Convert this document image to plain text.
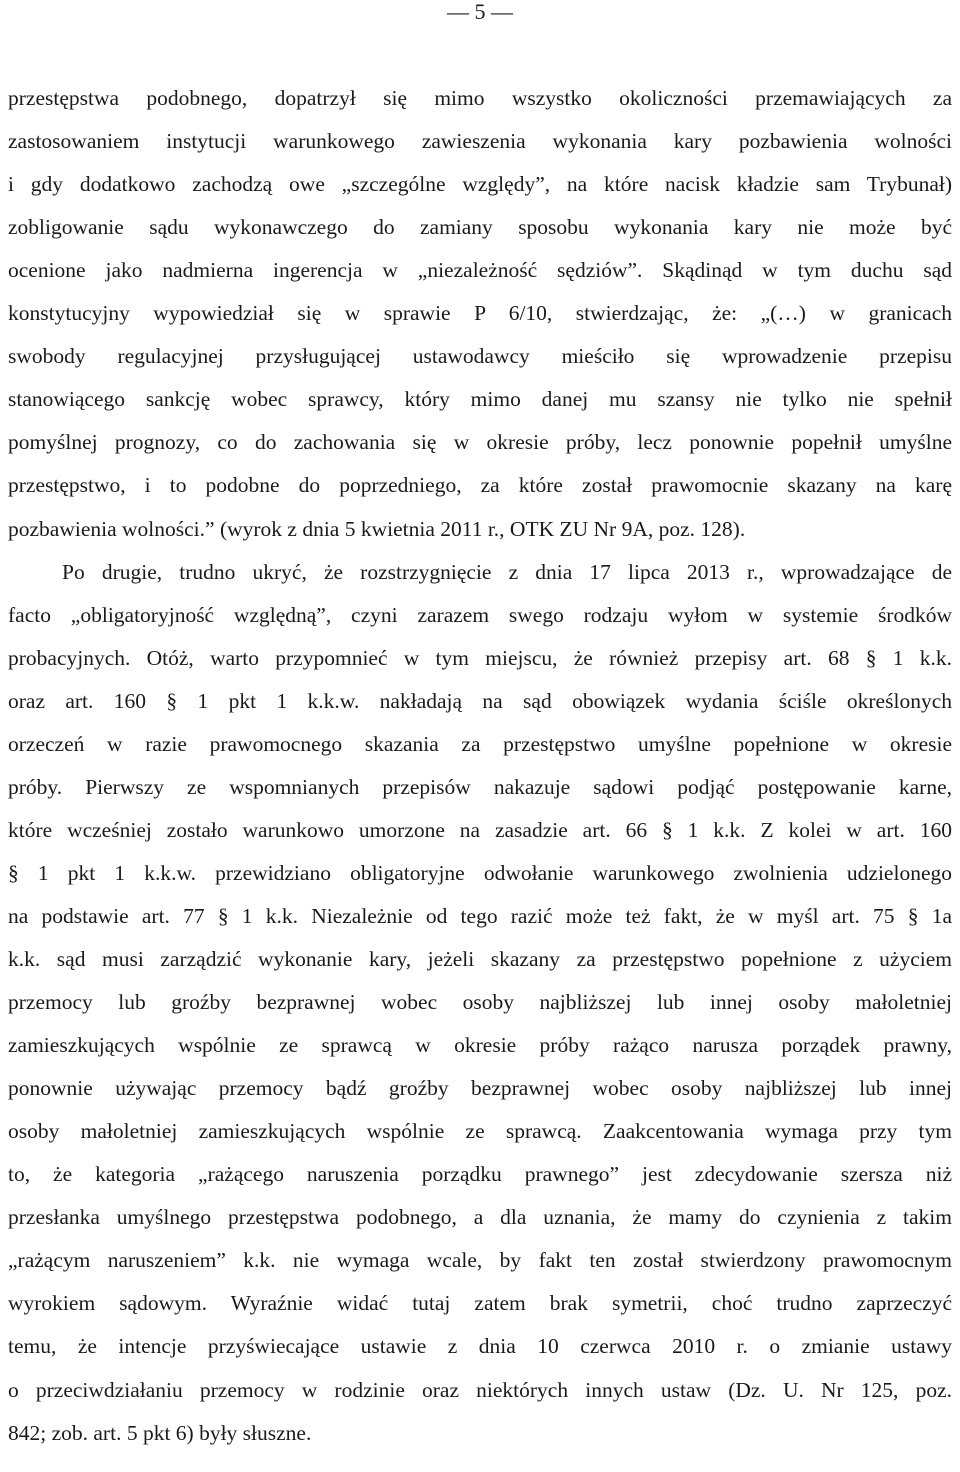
— 5 —
przestępstwa podobnego, dopatrzył się mimo wszystko okoliczności przemawiających za
zastosowaniem instytucji warunkowego zawieszenia wykonania kary pozbawienia wolności
i gdy dodatkowo zachodzą owe „szczególne względy”, na które nacisk kładzie sam Trybunał)
zobligowanie sądu wykonawczego do zamiany sposobu wykonania kary nie może być
ocenione jako nadmierna ingerencja w „niezależność sędziów”. Skądinąd w tym duchu sąd
konstytucyjny wypowiedział się w sprawie P 6/10, stwierdzając, że: „(…) w granicach
swobody regulacyjnej przysługującej ustawodawcy mieściło się wprowadzenie przepisu
stanowiącego sankcję wobec sprawcy, który mimo danej mu szansy nie tylko nie spełnił
pomyślnej prognozy, co do zachowania się w okresie próby, lecz ponownie popełnił umyślne
przestępstwo, i to podobne do poprzedniego, za które został prawomocnie skazany na karę
pozbawienia wolności.” (wyrok z dnia 5 kwietnia 2011 r., OTK ZU Nr 9A, poz. 128).
Po drugie, trudno ukryć, że rozstrzygnięcie z dnia 17 lipca 2013 r., wprowadzające de
facto „obligatoryjność względną”, czyni zarazem swego rodzaju wyłom w systemie środków
probacyjnych. Otóż, warto przypomnieć w tym miejscu, że również przepisy art. 68 § 1 k.k.
oraz art. 160 § 1 pkt 1 k.k.w. nakładają na sąd obowiązek wydania ściśle określonych
orzeczeń w razie prawomocnego skazania za przestępstwo umyślne popełnione w okresie
próby. Pierwszy ze wspomnianych przepisów nakazuje sądowi podjąć postępowanie karne,
które wcześniej zostało warunkowo umorzone na zasadzie art. 66 § 1 k.k. Z kolei w art. 160
§ 1 pkt 1 k.k.w. przewidziano obligatoryjne odwołanie warunkowego zwolnienia udzielonego
na podstawie art. 77 § 1 k.k. Niezależnie od tego razić może też fakt, że w myśl art. 75 § 1a
k.k. sąd musi zarządzić wykonanie kary, jeżeli skazany za przestępstwo popełnione z użyciem
przemocy lub groźby bezprawnej wobec osoby najbliższej lub innej osoby małoletniej
zamieszkujących wspólnie ze sprawcą w okresie próby rażąco narusza porządek prawny,
ponownie używając przemocy bądź groźby bezprawnej wobec osoby najbliższej lub innej
osoby małoletniej zamieszkujących wspólnie ze sprawcą. Zaakcentowania wymaga przy tym
to, że kategoria „rażącego naruszenia porządku prawnego” jest zdecydowanie szersza niż
przesłanka umyślnego przestępstwa podobnego, a dla uznania, że mamy do czynienia z takim
„rażącym naruszeniem” k.k. nie wymaga wcale, by fakt ten został stwierdzony prawomocnym
wyrokiem sądowym. Wyraźnie widać tutaj zatem brak symetrii, choć trudno zaprzeczyć
temu, że intencje przyświecające ustawie z dnia 10 czerwca 2010 r. o zmianie ustawy
o przeciwdziałaniu przemocy w rodzinie oraz niektórych innych ustaw (Dz. U. Nr 125, poz.
842; zob. art. 5 pkt 6) były słuszne.
